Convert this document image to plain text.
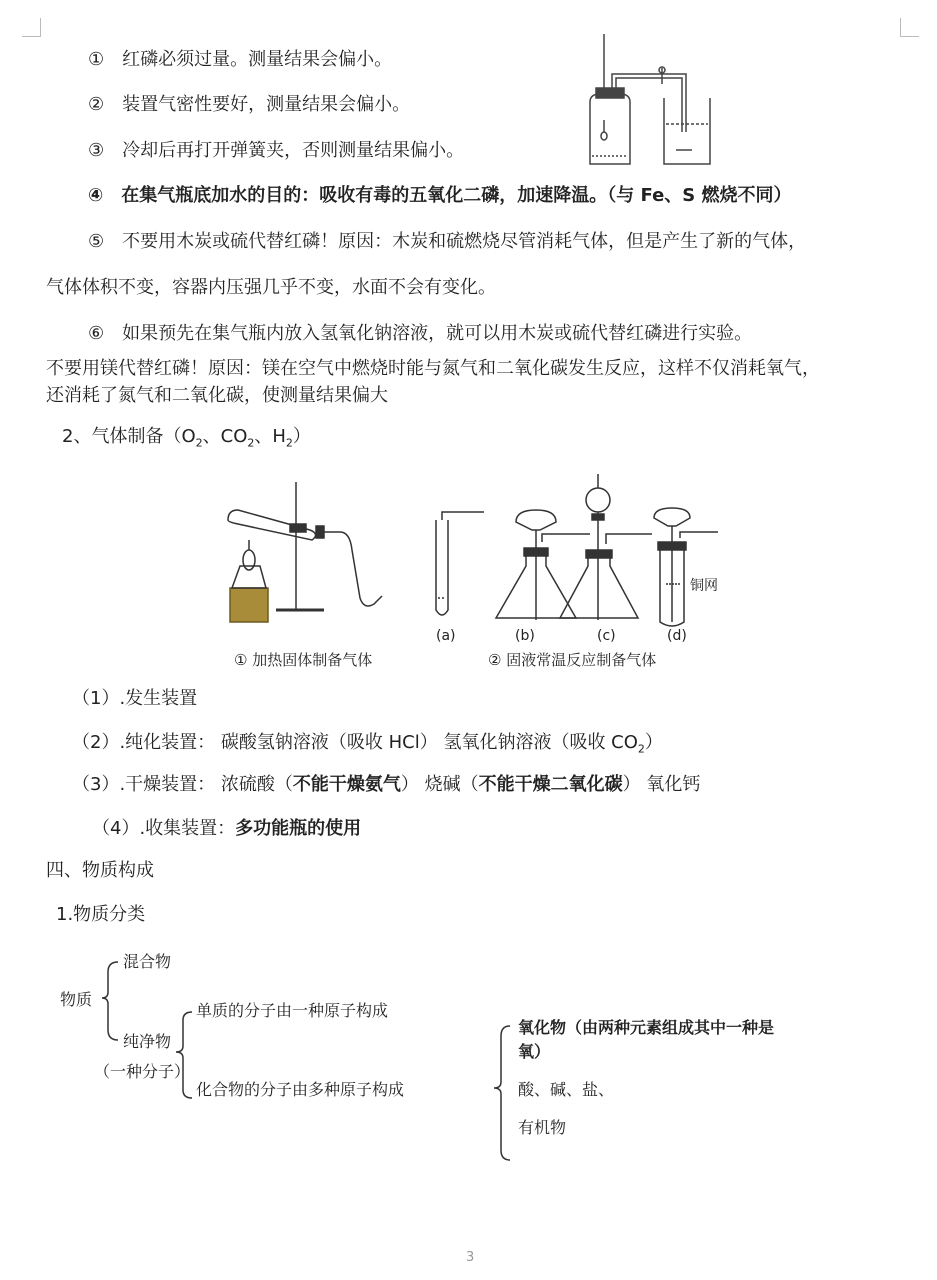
①　红磷必须过量。测量结果会偏小。
②　装置气密性要好，测量结果会偏小。
③　冷却后再打开弹簧夹，否则测量结果偏小。
④　在集气瓶底加水的目的：吸收有毒的五氧化二磷，加速降温。（与 Fe、S 燃烧不同）
⑤　不要用木炭或硫代替红磷！原因：木炭和硫燃烧尽管消耗气体，但是产生了新的气体，
气体体积不变，容器内压强几乎不变，水面不会有变化。
⑥　如果预先在集气瓶内放入氢氧化钠溶液，就可以用木炭或硫代替红磷进行实验。
不要用镁代替红磷！原因：镁在空气中燃烧时能与氮气和二氧化碳发生反应，这样不仅消耗氧气，
还消耗了氮气和二氧化碳，使测量结果偏大
2、气体制备（$O_2$、$CO_2$、$H_2$）
铜网
(a)	(b)	(c)	(d)
① 加热固体制备气体	② 固液常温反应制备气体
（1）.发生装置
（2）.纯化装置： 碳酸氢钠溶液（吸收 HCl） 氢氧化钠溶液（吸收 $CO_2$）
（3）.干燥装置： 浓硫酸（不能干燥氨气） 烧碱（不能干燥二氧化碳） 氧化钙
（4）.收集装置：多功能瓶的使用
四、物质构成
1.物质分类
混合物
物质
单质的分子由一种原子构成
纯净物
氧化物（由两种元素组成其中一种是
氧）
（一种分子）
酸、碱、盐、
化合物的分子由多种原子构成
有机物
3
